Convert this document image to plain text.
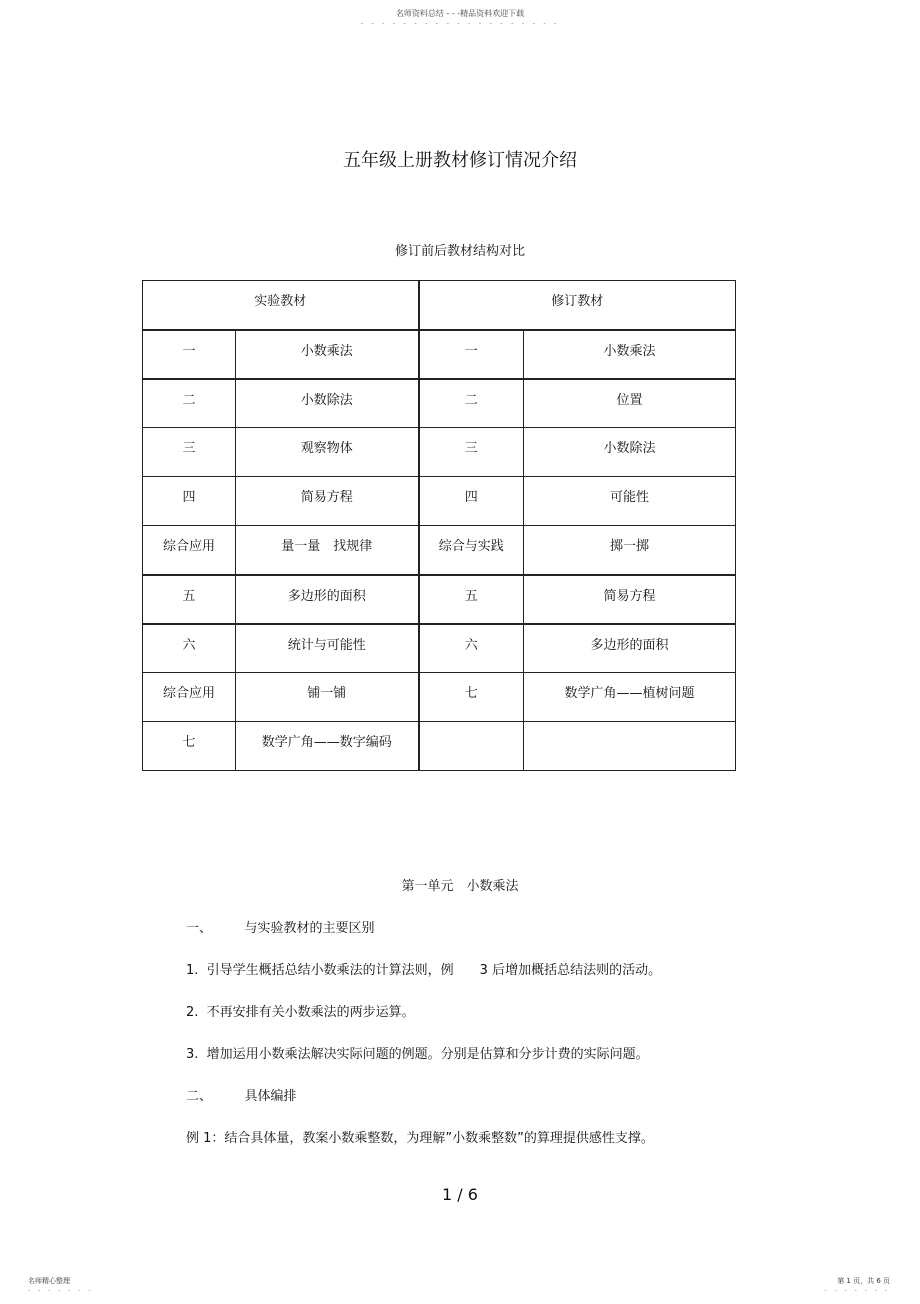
名师资料总结 - - -精品资料欢迎下载
- - - - - - - - - - - - - - - - - - -
五年级上册教材修订情况介绍
修订前后教材结构对比
实验教材		修订教材	
一	小数乘法	一	小数乘法
二	小数除法	二	位置
三	观察物体	三	小数除法
四	简易方程	四	可能性
综合应用	量一量　找规律	综合与实践	掷一掷
五	多边形的面积	五	简易方程
六	统计与可能性	六	多边形的面积
综合应用	铺一铺	七	数学广角——植树问题
七	数学广角——数字编码		
第一单元　小数乘法
一、　　　与实验教材的主要区别
1.  引导学生概括总结小数乘法的计算法则，例　　3 后增加概括总结法则的活动。
2.  不再安排有关小数乘法的两步运算。
3.  增加运用小数乘法解决实际问题的例题。分别是估算和分步计费的实际问题。
二、　　　具体编排
例 1：结合具体量，教案小数乘整数，为理解”小数乘整数”的算理提供感性支撑。
1 / 6
名师精心整理	第 1 页，共 6 页
- - - - - - -	- - - - - - -
